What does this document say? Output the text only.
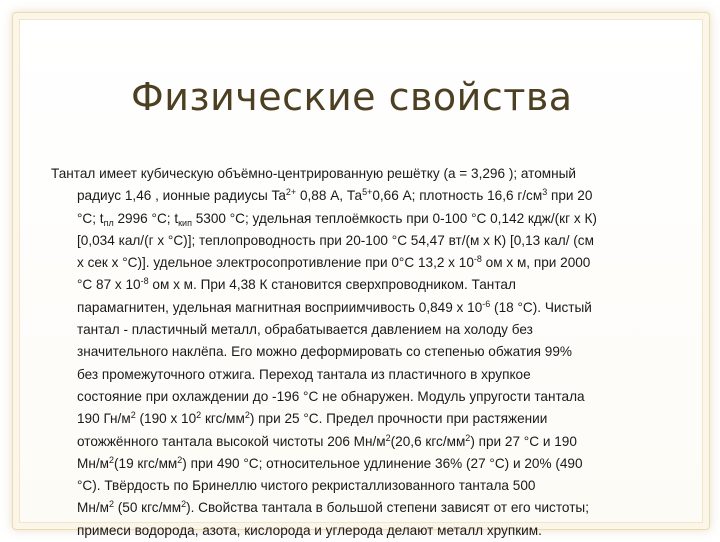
Физические свойства
Тантал имеет кубическую объёмно-центрированную решётку (а = 3,296 ); атомный
радиус 1,46 , ионные радиусы $Ta^{2+}$ 0,88 А, $Та^{5+}0,66$ А; плотность 16,6 $г/см^3$ при 20
°С; $t_{пл}$ 2996 °C; $t_{кип}$ 5300 °C; удельная теплоёмкость при 0-100 °С 0,142 кдж/(кг х К)
[0,034 кал/(г х °С)]; теплопроводность при 20-100 °С 54,47 вт/(м х К) [0,13 кал/ (см
х сек х °С)]. удельное электросопротивление при 0°С 13,2 х $10^{-8}$ ом х м, при 2000
°С 87 х $10^{-8}$ ом х м. При 4,38 К становится сверхпроводником. Тантал
парамагнитен, удельная магнитная восприимчивость 0,849 х $10^{-6}$ (18 °С). Чистый
тантал - пластичный металл, обрабатывается давлением на холоду без
значительного наклёпа. Его можно деформировать со степенью обжатия 99%
без промежуточного отжига. Переход тантала из пластичного в хрупкое
состояние при охлаждении до -196 °С не обнаружен. Модуль упругости тантала
190 $Гн/м^2$ (190 х $10^2$ кгс/$мм^2$) при 25 °С. Предел прочности при растяжении
отожжённого тантала высокой чистоты 206 $Мн/м^2(20,6$ кгс/$мм^2$) при 27 °С и 190
$Мн/м^2(19$ кгс/$мм^2$) при 490 °С; относительное удлинение 36% (27 °С) и 20% (490
°С). Твёрдость по Бринеллю чистого рекристаллизованного тантала 500
$Мн/м^2$ (50 кгс/$мм^2$). Свойства тантала в большой степени зависят от его чистоты;
примеси водорода, азота, кислорода и углерода делают металл хрупким.
